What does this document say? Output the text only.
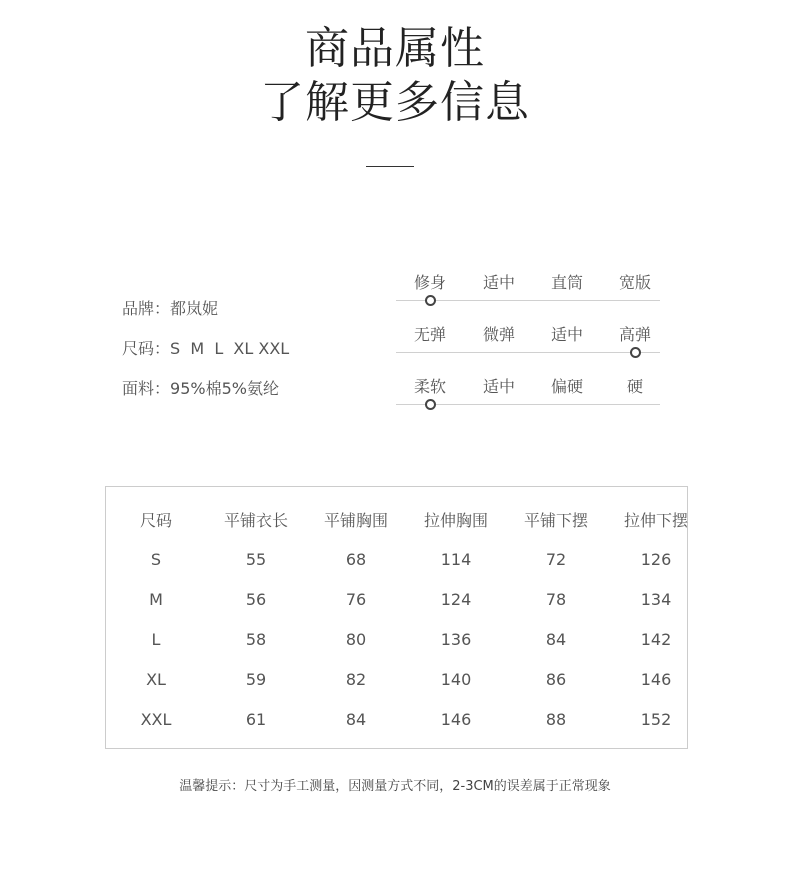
商品属性
了解更多信息
品牌：都岚妮
尺码：S  M  L  XL XXL
面料：95%棉5%氨纶
修身	适中	直筒	宽版
无弹	微弹	适中	高弹
柔软	适中	偏硬	硬
尺码	平铺衣长	平铺胸围	拉伸胸围	平铺下摆	拉伸下摆
S	55	68	114	72	126
M	56	76	124	78	134
L	58	80	136	84	142
XL	59	82	140	86	146
XXL	61	84	146	88	152
温馨提示：尺寸为手工测量，因测量方式不同，2-3CM的误差属于正常现象
